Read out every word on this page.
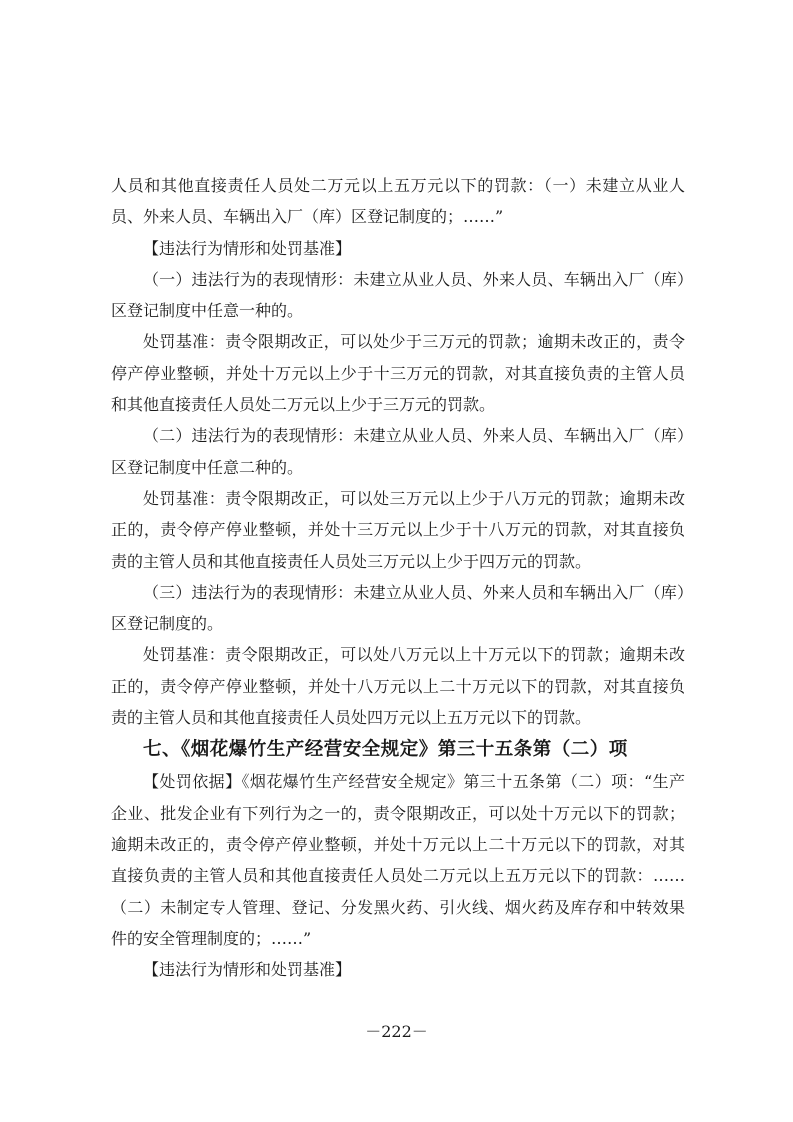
人员和其他直接责任人员处二万元以上五万元以下的罚款：（一）未建立从业人员、外来人员、车辆出入厂（库）区登记制度的；……”

【违法行为情形和处罚基准】

（一）违法行为的表现情形：未建立从业人员、外来人员、车辆出入厂（库）区登记制度中任意一种的。

处罚基准：责令限期改正，可以处少于三万元的罚款；逾期未改正的，责令停产停业整顿，并处十万元以上少于十三万元的罚款，对其直接负责的主管人员和其他直接责任人员处二万元以上少于三万元的罚款。

（二）违法行为的表现情形：未建立从业人员、外来人员、车辆出入厂（库）区登记制度中任意二种的。

处罚基准：责令限期改正，可以处三万元以上少于八万元的罚款；逾期未改正的，责令停产停业整顿，并处十三万元以上少于十八万元的罚款，对其直接负责的主管人员和其他直接责任人员处三万元以上少于四万元的罚款。

（三）违法行为的表现情形：未建立从业人员、外来人员和车辆出入厂（库）区登记制度的。

处罚基准：责令限期改正，可以处八万元以上十万元以下的罚款；逾期未改正的，责令停产停业整顿，并处十八万元以上二十万元以下的罚款，对其直接负责的主管人员和其他直接责任人员处四万元以上五万元以下的罚款。

七、《烟花爆竹生产经营安全规定》第三十五条第（二）项

【处罚依据】《烟花爆竹生产经营安全规定》第三十五条第（二）项：“生产企业、批发企业有下列行为之一的，责令限期改正，可以处十万元以下的罚款；逾期未改正的，责令停产停业整顿，并处十万元以上二十万元以下的罚款，对其直接负责的主管人员和其他直接责任人员处二万元以上五万元以下的罚款：……（二）未制定专人管理、登记、分发黑火药、引火线、烟火药及库存和中转效果件的安全管理制度的；……”

【违法行为情形和处罚基准】

－222－
